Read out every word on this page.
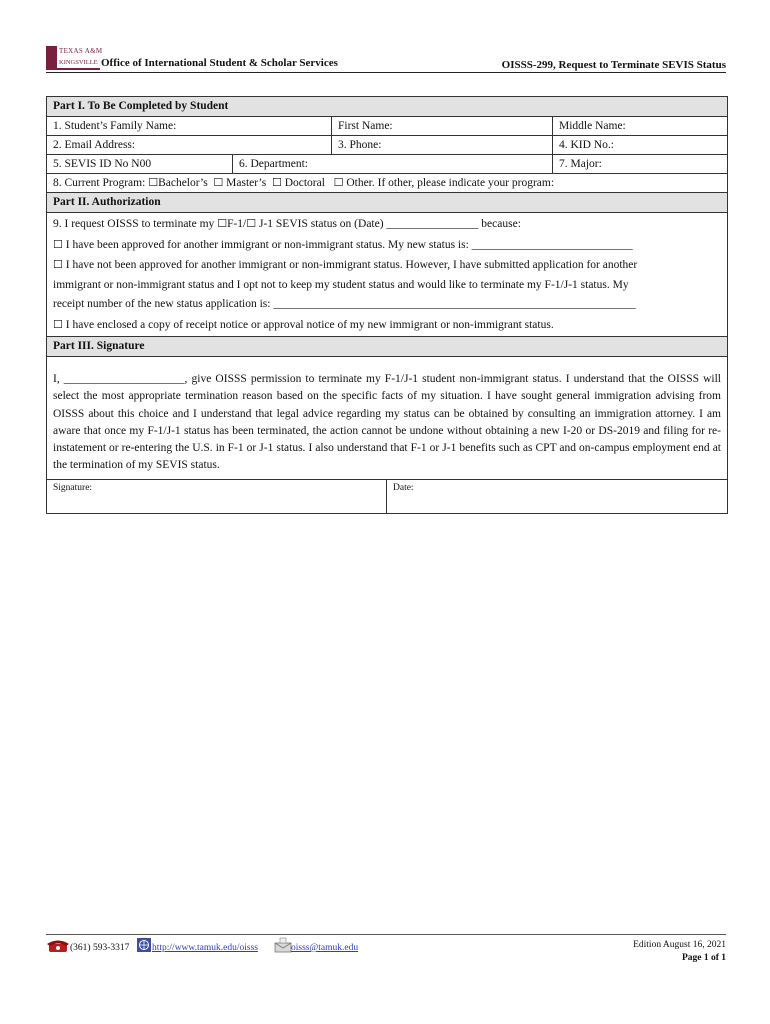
TEXAS A&M
KINGSVILLE Office of International Student & Scholar Services	OISSS-299, Request to Terminate SEVIS Status
Part I. To Be Completed by Student
1. Student’s Family Name:	First Name:	Middle Name:
2. Email Address:	3. Phone:	4. KID No.:
5. SEVIS ID No N00	6. Department:	7. Major:
8. Current Program: ☐Bachelor’s ☐ Master’s ☐ Doctoral ☐ Other. If other, please indicate your program:
Part II. Authorization
9. I request OISSS to terminate my ☐F-1/☐ J-1 SEVIS status on (Date) ________________ because:
☐ I have been approved for another immigrant or non-immigrant status. My new status is: ____________________________
☐ I have not been approved for another immigrant or non-immigrant status. However, I have submitted application for another
immigrant or non-immigrant status and I opt not to keep my student status and would like to terminate my F-1/J-1 status. My
receipt number of the new status application is: _______________________________________________________________
☐ I have enclosed a copy of receipt notice or approval notice of my new immigrant or non-immigrant status.
Part III. Signature
I, _____________________, give OISSS permission to terminate my F-1/J-1 student non-immigrant status. I understand that the OISSS will select the most appropriate termination reason based on the specific facts of my situation. I have sought general immigration advising from OISSS about this choice and I understand that legal advice regarding my status can be obtained by consulting an immigration attorney. I am aware that once my F-1/J-1 status has been terminated, the action cannot be undone without obtaining a new I-20 or DS-2019 and filing for re-instatement or re-entering the U.S. in F-1 or J-1 status. I also understand that F-1 or J-1 benefits such as CPT and on-campus employment end at the termination of my SEVIS status.
Signature:	Date:
(361) 593-3317 http://www.tamuk.edu/oisss	oisss@tamuk.edu	Edition August 16, 2021
Page 1 of 1
